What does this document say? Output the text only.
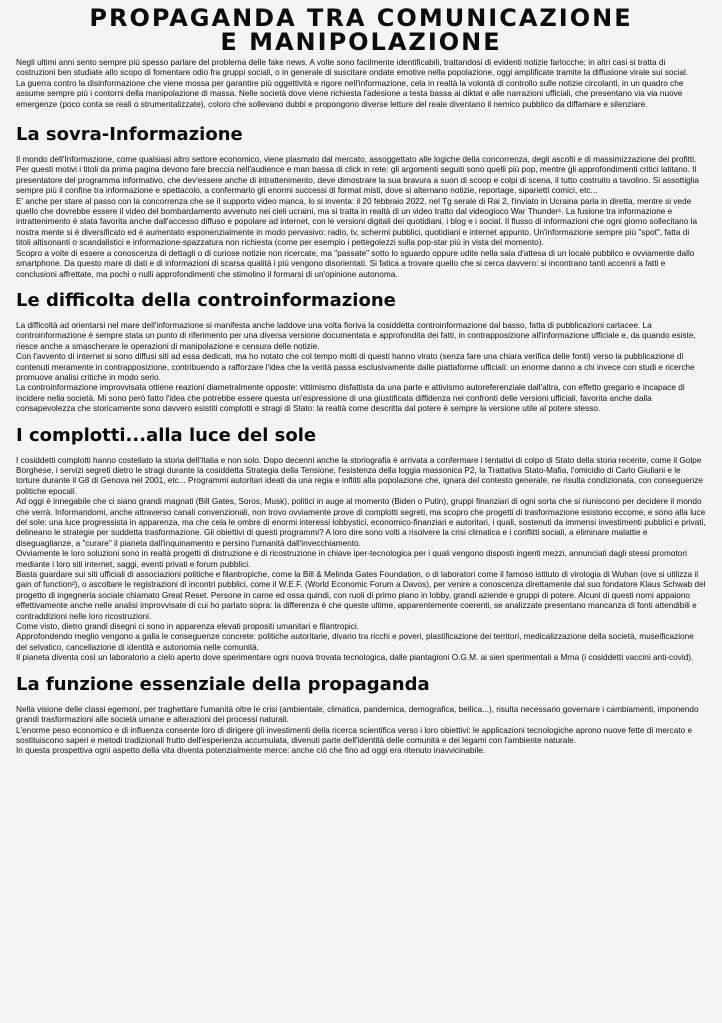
PROPAGANDA TRA COMUNICAZIONE
E MANIPOLAZIONE

Negli ultimi anni sento sempre più spesso parlare del problema delle fake news. A volte sono facilmente identificabili, trattandosi di evidenti notizie farlocche; in altri casi si tratta di costruzioni ben studiate allo scopo di fomentare odio fra gruppi sociali, o in generale di suscitare ondate emotive nella popolazione, oggi amplificate tramite la diffusione virale sui social.

La guerra contro la disinformazione che viene mossa per garantire più oggettività e rigore nell'informazione, cela in realtà la volontà di controllo sulle notizie circolanti, in un quadro che assume sempre più i contorni della manipolazione di massa. Nelle società dove viene richiesta l'adesione a testa bassa ai diktat e alle narrazioni ufficiali, che presentano via via nuove emergenze (poco conta se reali o strumentalizzate), coloro che sollevano dubbi e propongono diverse letture del reale diventano il nemico pubblico da diffamare e silenziare.

La sovra-Informazione

Il mondo dell'Informazione, come qualsiasi altro settore economico, viene plasmato dal mercato, assoggettato alle logiche della concorrenza, degli ascolti e di massimizzazione dei profitti. Per questi motivi i titoli da prima pagina devono fare breccia nell'audience e man bassa di click in rete: gli argomenti seguiti sono quelli più pop, mentre gli approfondimenti critici latitano. Il presentatore del programma informativo, che dev'essere anche di intrattenimento, deve dimostrare la sua bravura a suon di scoop e colpi di scena, il tutto costruito a tavolino. Si assottiglia sempre più il confine tra informazione e spettacolo, a confermarlo gli enormi successi di format misti, dove si alternano notizie, reportage, siparietti comici, etc...

E' anche per stare al passo con la concorrenza che se il supporto video manca, lo si inventa: il 20 febbraio 2022, nel Tg serale di Rai 2, l'inviato in Ucraina parla in diretta, mentre si vede quello che dovrebbe essere il video del bombardamento avvenuto nei cieli ucraini, ma si tratta in realtà di un video tratto dal videogioco War Thunder¹. La fusione tra informazione e intrattenimento è stata favorita anche dall'accesso diffuso e popolare ad internet, con le versioni digitali dei quotidiani, i blog e i social. Il flusso di informazioni che ogni giorno sollecitano la nostra mente si è diversificato ed è aumentato esponenzialmente in modo pervasivo: radio, tv, schermi pubblici, quotidiani e internet appunto. Un'informazione sempre più "spot", fatta di titoli altisonanti o scandalistici e informazione-spazzatura non richiesta (come per esempio i pettegolezzi sulla pop-star più in vista del momento).

Scopro a volte di essere a conoscenza di dettagli o di curiose notizie non ricercate, ma "passate" sotto lo sguardo oppure udite nella sala d'attesa di un locale pubblico e ovviamente dallo smartphone. Da questo mare di dati e di informazioni di scarsa qualità i più vengono disorientati. Si fatica a trovare quello che si cerca davvero: si incontrano tanti accenni a fatti e conclusioni affrettate, ma pochi o nulli approfondimenti che stimolino il formarsi di un'opinione autonoma.

Le difficolta della controinformazione

La difficoltà ad orientarsi nel mare dell'informazione si manifesta anche laddove una volta fioriva la cosiddetta controinformazione dal basso, fatta di pubblicazioni cartacee. La controinformazione è sempre stata un punto di riferimento per una diversa versione documentata e approfondita dei fatti, in contrapposizione all'informazione ufficiale e, da quando esiste, riesce anche a smascherare le operazioni di manipolazione e censura delle notizie.

Con l'avvento di internet si sono diffusi siti ad essa dedicati, ma ho notato che col tempo molti di questi hanno virato (senza fare una chiara verifica delle fonti) verso la pubblicazione di contenuti meramente in contrapposizione, contribuendo a rafforzare l'idea che la verità passa esclusivamente dalle piattaforme ufficiali: un enorme danno a chi invece con studi e ricerche promuove analisi critiche in modo serio.

La controinformazione improvvisata ottiene reazioni diametralmente opposte: vittimismo disfattista da una parte e attivismo autoreferenziale dall'altra, con effetto gregario e incapace di incidere nella società. Mi sono però fatto l'idea che potrebbe essere questa un'espressione di una giustificata diffidenza nei confronti delle versioni ufficiali, favorita anche dalla consapevolezza che storicamente sono davvero esistiti complotti e stragi di Stato: la realtà come descritta dal potere è sempre la versione utile al potere stesso.

I complotti...alla luce del sole

I cosiddetti complotti hanno costellato la storia dell'Italia e non solo. Dopo decenni anche la storiografia è arrivata a confermare i tentativi di colpo di Stato della storia recente, come il Golpe Borghese, i servizi segreti dietro le stragi durante la cosiddetta Strategia della Tensione, l'esistenza della loggia massonica P2, la Trattativa Stato-Mafia, l'omicidio di Carlo Giuliani e le torture durante il G8 di Genova nel 2001, etc... Programmi autoritari ideati da una regia e inflitti alla popolazione che, ignara del contesto generale, ne risulta condizionata, con conseguenze politiche epocali.

Ad oggi è innegabile che ci siano grandi magnati (Bill Gates, Soros, Musk), politici in auge al momento (Biden o Putin), gruppi finanziari di ogni sorta che si riuniscono per decidere il mondo che verrà. Informandomi, anche attraverso canali convenzionali, non trovo ovviamente prove di complotti segreti, ma scopro che progetti di trasformazione esistono eccome, e sono alla luce del sole: una luce progressista in apparenza, ma che cela le ombre di enormi interessi lobbystici, economico-finanziari e autoritari, i quali, sostenuti da immensi investimenti pubblici e privati, delineano le strategie per suddetta trasformazione. Gli obiettivi di questi programmi? A loro dire sono volti a risolvere la crisi climatica e i conflitti sociali, a eliminare malattie e diseguaglianze, a "curare" il pianeta dall'inquinamento e persino l'umanità dall'invecchiamento.

Ovviamente le loro soluzioni sono in realtà progetti di distruzione e di ricostruzione in chiave iper-tecnologica per i quali vengono disposti ingenti mezzi, annunciati dagli stessi promotori mediante i loro siti internet, saggi, eventi privati e forum pubblici.

Basta guardare sui siti ufficiali di associazioni politiche e filantropiche, come la Bill & Melinda Gates Foundation, o di laboratori come il famoso istituto di virologia di Wuhan (ove si utilizza il gain of function²), o ascoltare le registrazioni di incontri pubblici, come il W.E.F. (World Economic Forum a Davos), per venire a conoscenza direttamente dal suo fondatore Klaus Schwab del progetto di ingegneria sociale chiamato Great Reset. Persone in carne ed ossa quindi, con ruoli di primo piano in lobby, grandi aziende e gruppi di potere. Alcuni di questi nomi appaiono effettivamente anche nelle analisi improvvisate di cui ho parlato sopra: la differenza è che queste ultime, apparentemente coerenti, se analizzate presentano mancanza di fonti attendibili e contraddizioni nelle loro ricostruzioni.

Come visto, dietro grandi disegni ci sono in apparenza elevati propositi umanitari e filantropici.

Approfondendo meglio vengono a galla le conseguenze concrete: politiche autoritarie, divario tra ricchi e poveri, plastificazione dei territori, medicalizzazione della società, museificazione del selvatico, cancellazione di identità e autonomia nelle comunità.

Il pianeta diventa così un laboratorio a cielo aperto dove sperimentare ogni nuova trovata tecnologica, dalle piantagioni O.G.M. ai sieri sperimentali a Mrna (i cosiddetti vaccini anti-covid).

La funzione essenziale della propaganda

Nella visione delle classi egemoni, per traghettare l'umanità oltre le crisi (ambientale, climatica, pandemica, demografica, bellica...), risulta necessario governare i cambiamenti, imponendo grandi trasformazioni alle società umane e alterazioni dei processi naturali.

L'enorme peso economico e di influenza consente loro di dirigere gli investimenti della ricerca scientifica verso i loro obiettivi: le applicazioni tecnologiche aprono nuove fette di mercato e sostituiscono saperi e metodi tradizionali frutto dell'esperienza accumulata, divenuti parte dell'identità delle comunità e dei legami con l'ambiente naturale.

In questa prospettiva ogni aspetto della vita diventa potenzialmente merce: anche ciò che fino ad oggi era ritenuto inavvicinabile.
